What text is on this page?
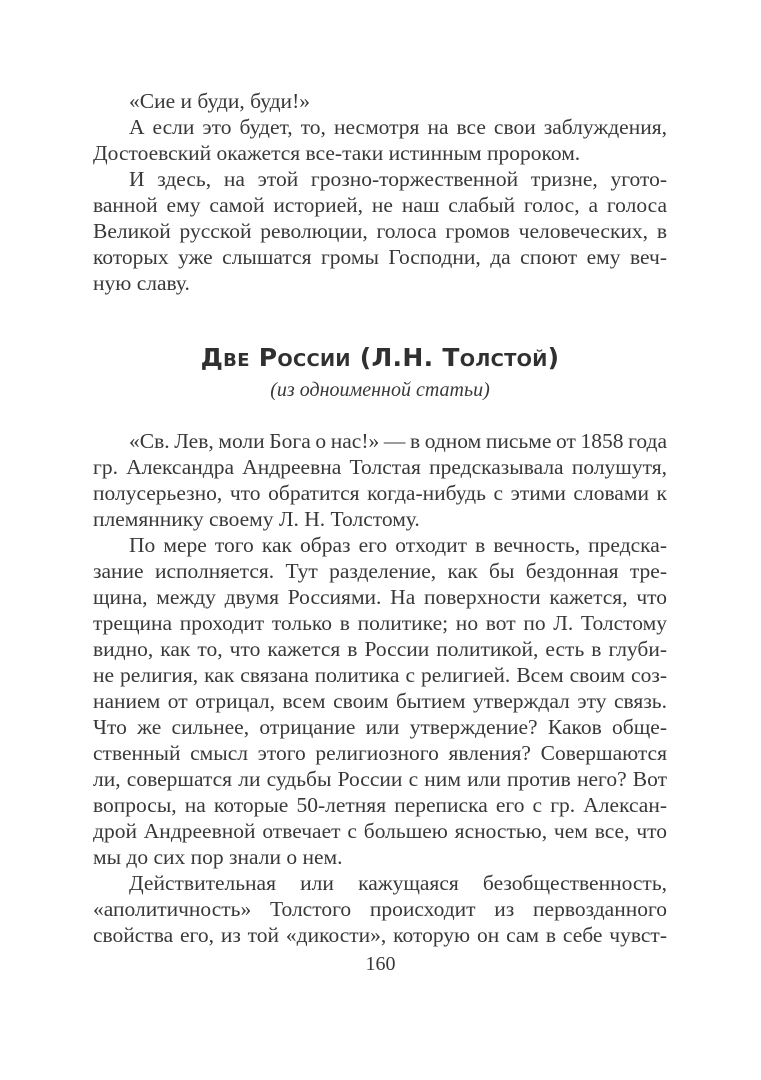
«Сие и буди, буди!»

А если это будет, то, несмотря на все свои заблуждения,
Достоевский окажется все-таки истинным пророком.

И здесь, на этой грозно-торжественной тризне, угото-
ванной ему самой историей, не наш слабый голос, а голоса
Великой русской революции, голоса громов человеческих, в
которых уже слышатся громы Господни, да споют ему веч-
ную славу.

Две России (Л.Н. Толстой)
(из одноименной статьи)

«Св. Лев, моли Бога о нас!» — в одном письме от 1858 года
гр. Александра Андреевна Толстая предсказывала полушутя,
полусерьезно, что обратится когда-нибудь с этими словами к
племяннику своему Л. Н. Толстому.

По мере того как образ его отходит в вечность, предска-
зание исполняется. Тут разделение, как бы бездонная тре-
щина, между двумя Россиями. На поверхности кажется, что
трещина проходит только в политике; но вот по Л. Толстому
видно, как то, что кажется в России политикой, есть в глуби-
не религия, как связана политика с религией. Всем своим соз-
нанием от отрицал, всем своим бытием утверждал эту связь.
Что же сильнее, отрицание или утверждение? Каков обще-
ственный смысл этого религиозного явления? Совершаются
ли, совершатся ли судьбы России с ним или против него? Вот
вопросы, на которые 50-летняя переписка его с гр. Алексан-
дрой Андреевной отвечает с большею ясностью, чем все, что
мы до сих пор знали о нем.

Действительная или кажущаяся безобщественность,
«аполитичность» Толстого происходит из первозданного
свойства его, из той «дикости», которую он сам в себе чувст-

160
